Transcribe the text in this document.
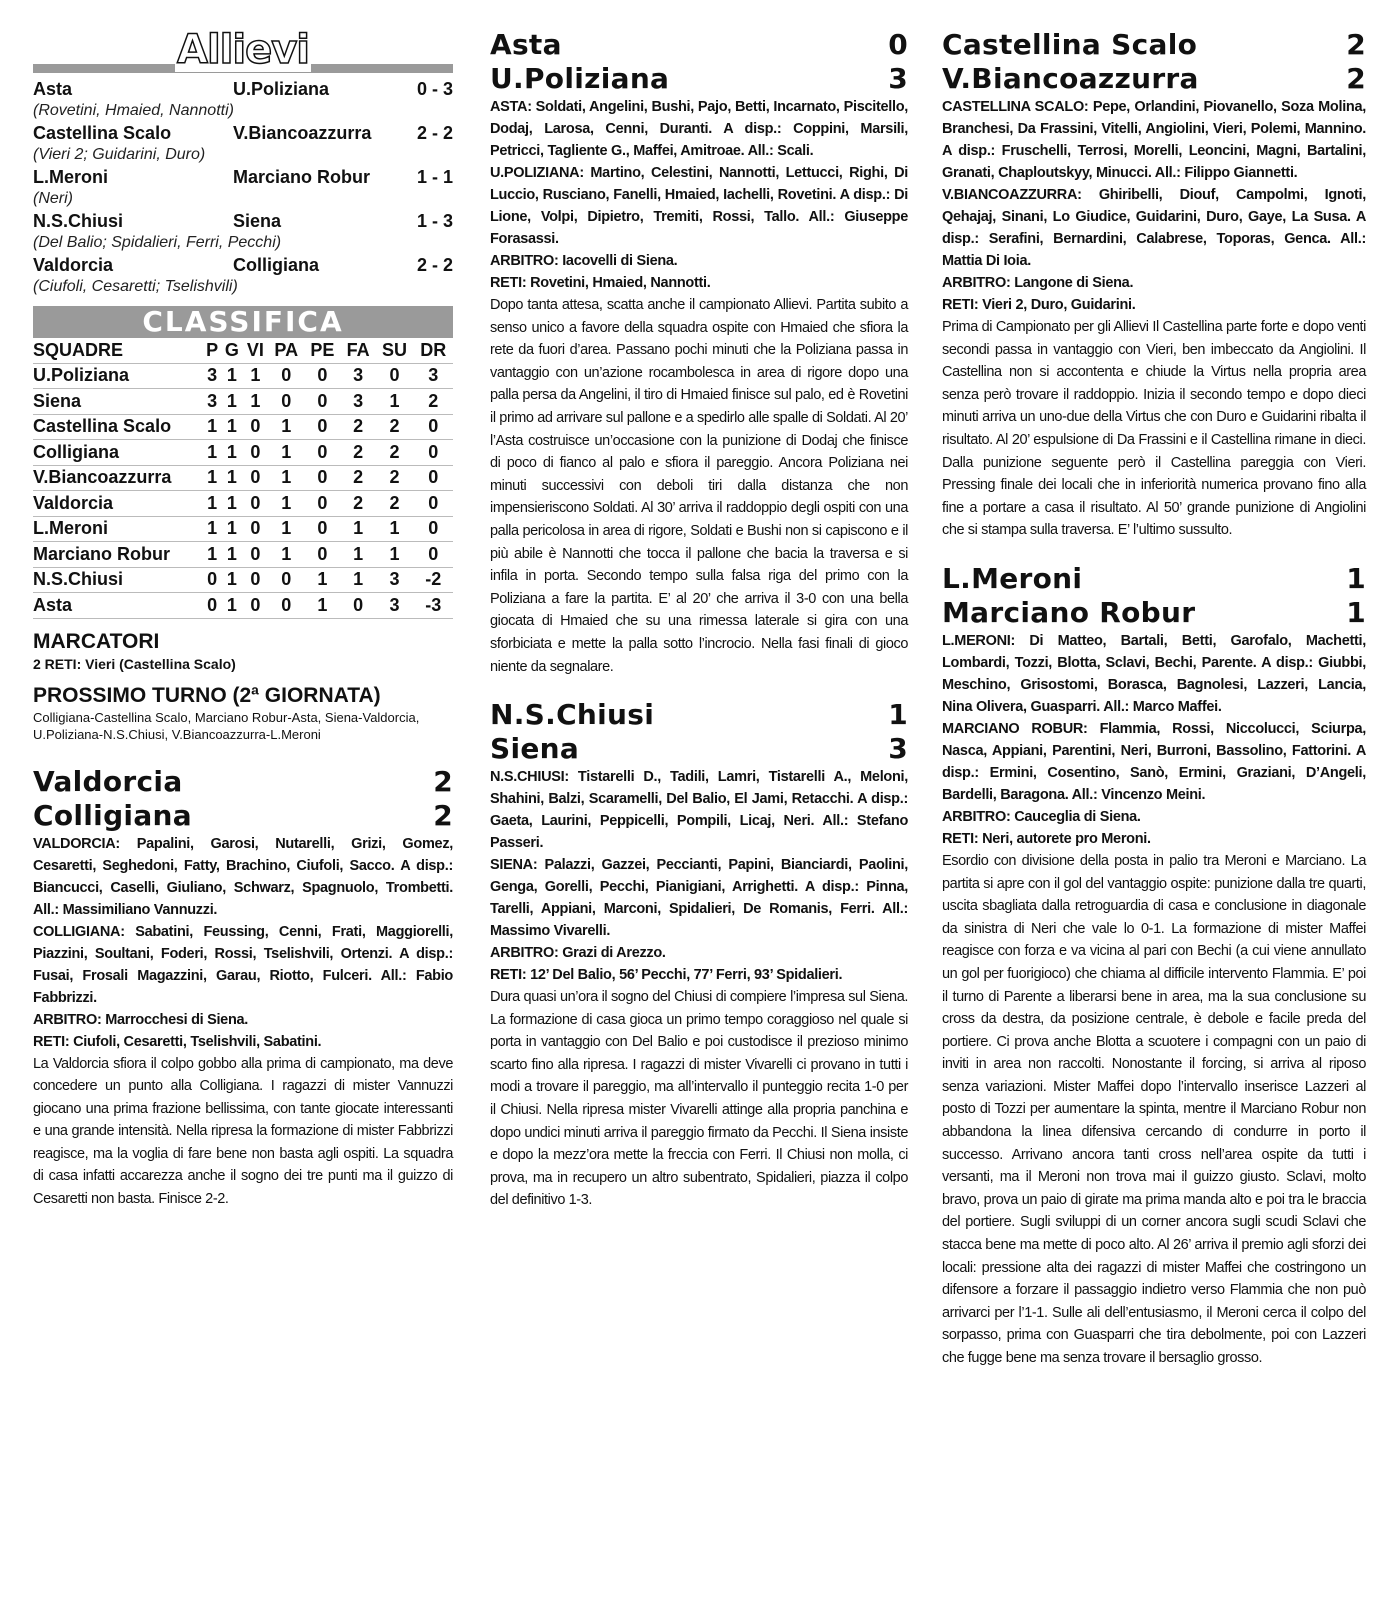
Allievi
Asta	U.Poliziana	0 - 3
(Rovetini, Hmaied, Nannotti)
Castellina Scalo	V.Biancoazzurra	2 - 2
(Vieri 2; Guidarini, Duro)
L.Meroni	Marciano Robur	1 - 1
(Neri)
N.S.Chiusi	Siena	1 - 3
(Del Balio; Spidalieri, Ferri, Pecchi)
Valdorcia	Colligiana	2 - 2
(Ciufoli, Cesaretti; Tselishvili)
CLASSIFICA
SQUADRE	P	G	VI	PA	PE	FA	SU	DR
U.Poliziana	3	1	1	0	0	3	0	3
Siena	3	1	1	0	0	3	1	2
Castellina Scalo	1	1	0	1	0	2	2	0
Colligiana	1	1	0	1	0	2	2	0
V.Biancoazzurra	1	1	0	1	0	2	2	0
Valdorcia	1	1	0	1	0	2	2	0
L.Meroni	1	1	0	1	0	1	1	0
Marciano Robur	1	1	0	1	0	1	1	0
N.S.Chiusi	0	1	0	0	1	1	3	-2
Asta	0	1	0	0	1	0	3	-3
MARCATORI
2 RETI: Vieri (Castellina Scalo)
PROSSIMO TURNO (2ª GIORNATA)
Colligiana-Castellina Scalo, Marciano Robur-Asta, Siena-Valdorcia, U.Poliziana-N.S.Chiusi, V.Biancoazzurra-L.Meroni
Valdorcia	2
Colligiana	2
VALDORCIA: Papalini, Garosi, Nutarelli, Grizi, Gomez, Cesaretti, Seghedoni, Fatty, Brachino, Ciufoli, Sacco. A disp.: Biancucci, Caselli, Giuliano, Schwarz, Spagnuolo, Trombetti. All.: Massimiliano Vannuzzi.
COLLIGIANA: Sabatini, Feussing, Cenni, Frati, Maggiorelli, Piazzini, Soultani, Foderi, Rossi, Tselishvili, Ortenzi. A disp.: Fusai, Frosali Magazzini, Garau, Riotto, Fulceri. All.: Fabio Fabbrizzi.
ARBITRO: Marrocchesi di Siena.
RETI: Ciufoli, Cesaretti, Tselishvili, Sabatini.
La Valdorcia sfiora il colpo gobbo alla prima di campionato, ma deve concedere un punto alla Colligiana. I ragazzi di mister Vannuzzi giocano una prima frazione bellissima, con tante giocate interessanti e una grande intensità. Nella ripresa la formazione di mister Fabbrizzi reagisce, ma la voglia di fare bene non basta agli ospiti. La squadra di casa infatti accarezza anche il sogno dei tre punti ma il guizzo di Cesaretti non basta. Finisce 2-2.
Asta	0
U.Poliziana	3
ASTA: Soldati, Angelini, Bushi, Pajo, Betti, Incarnato, Piscitello, Dodaj, Larosa, Cenni, Duranti. A disp.: Coppini, Marsili, Petricci, Tagliente G., Maffei, Amitroae. All.: Scali.
U.POLIZIANA: Martino, Celestini, Nannotti, Lettucci, Righi, Di Luccio, Rusciano, Fanelli, Hmaied, Iachelli, Rovetini. A disp.: Di Lione, Volpi, Dipietro, Tremiti, Rossi, Tallo. All.: Giuseppe Forasassi.
ARBITRO: Iacovelli di Siena.
RETI: Rovetini, Hmaied, Nannotti.
Dopo tanta attesa, scatta anche il campionato Allievi. Partita subito a senso unico a favore della squadra ospite con Hmaied che sfiora la rete da fuori d’area. Passano pochi minuti che la Poliziana passa in vantaggio con un’azione rocambolesca in area di rigore dopo una palla persa da Angelini, il tiro di Hmaied finisce sul palo, ed è Rovetini il primo ad arrivare sul pallone e a spedirlo alle spalle di Soldati. Al 20’ l’Asta costruisce un’occasione con la punizione di Dodaj che finisce di poco di fianco al palo e sfiora il pareggio. Ancora Poliziana nei minuti successivi con deboli tiri dalla distanza che non impensieriscono Soldati. Al 30’ arriva il raddoppio degli ospiti con una palla pericolosa in area di rigore, Soldati e Bushi non si capiscono e il più abile è Nannotti che tocca il pallone che bacia la traversa e si infila in porta. Secondo tempo sulla falsa riga del primo con la Poliziana a fare la partita. E’ al 20’ che arriva il 3-0 con una bella giocata di Hmaied che su una rimessa laterale si gira con una sforbiciata e mette la palla sotto l’incrocio. Nella fasi finali di gioco niente da segnalare.
N.S.Chiusi	1
Siena	3
N.S.CHIUSI: Tistarelli D., Tadili, Lamri, Tistarelli A., Meloni, Shahini, Balzi, Scaramelli, Del Balio, El Jami, Retacchi. A disp.: Gaeta, Laurini, Peppicelli, Pompili, Licaj, Neri. All.: Stefano Passeri.
SIENA: Palazzi, Gazzei, Peccianti, Papini, Bianciardi, Paolini, Genga, Gorelli, Pecchi, Pianigiani, Arrighetti. A disp.: Pinna, Tarelli, Appiani, Marconi, Spidalieri, De Romanis, Ferri. All.: Massimo Vivarelli.
ARBITRO: Grazi di Arezzo.
RETI: 12’ Del Balio, 56’ Pecchi, 77’ Ferri, 93’ Spidalieri.
Dura quasi un’ora il sogno del Chiusi di compiere l’impresa sul Siena. La formazione di casa gioca un primo tempo coraggioso nel quale si porta in vantaggio con Del Balio e poi custodisce il prezioso minimo scarto fino alla ripresa. I ragazzi di mister Vivarelli ci provano in tutti i modi a trovare il pareggio, ma all’intervallo il punteggio recita 1-0 per il Chiusi. Nella ripresa mister Vivarelli attinge alla propria panchina e dopo undici minuti arriva il pareggio firmato da Pecchi. Il Siena insiste e dopo la mezz’ora mette la freccia con Ferri. Il Chiusi non molla, ci prova, ma in recupero un altro subentrato, Spidalieri, piazza il colpo del definitivo 1-3.
Castellina Scalo	2
V.Biancoazzurra	2
CASTELLINA SCALO: Pepe, Orlandini, Piovanello, Soza Molina, Branchesi, Da Frassini, Vitelli, Angiolini, Vieri, Polemi, Mannino. A disp.: Fruschelli, Terrosi, Morelli, Leoncini, Magni, Bartalini, Granati, Chaploutskyy, Minucci. All.: Filippo Giannetti.
V.BIANCOAZZURRA: Ghiribelli, Diouf, Campolmi, Ignoti, Qehajaj, Sinani, Lo Giudice, Guidarini, Duro, Gaye, La Susa. A disp.: Serafini, Bernardini, Calabrese, Toporas, Genca. All.: Mattia Di Ioia.
ARBITRO: Langone di Siena.
RETI: Vieri 2, Duro, Guidarini.
Prima di Campionato per gli Allievi Il Castellina parte forte e dopo venti secondi passa in vantaggio con Vieri, ben imbeccato da Angiolini. Il Castellina non si accontenta e chiude la Virtus nella propria area senza però trovare il raddoppio. Inizia il secondo tempo e dopo dieci minuti arriva un uno-due della Virtus che con Duro e Guidarini ribalta il risultato. Al 20’ espulsione di Da Frassini e il Castellina rimane in dieci. Dalla punizione seguente però il Castellina pareggia con Vieri. Pressing finale dei locali che in inferiorità numerica provano fino alla fine a portare a casa il risultato. Al 50’ grande punizione di Angiolini che si stampa sulla traversa. E’ l’ultimo sussulto.
L.Meroni	1
Marciano Robur	1
L.MERONI: Di Matteo, Bartali, Betti, Garofalo, Machetti, Lombardi, Tozzi, Blotta, Sclavi, Bechi, Parente. A disp.: Giubbi, Meschino, Grisostomi, Borasca, Bagnolesi, Lazzeri, Lancia, Nina Olivera, Guasparri. All.: Marco Maffei.
MARCIANO ROBUR: Flammia, Rossi, Niccolucci, Sciurpa, Nasca, Appiani, Parentini, Neri, Burroni, Bassolino, Fattorini. A disp.: Ermini, Cosentino, Sanò, Ermini, Graziani, D’Angeli, Bardelli, Baragona. All.: Vincenzo Meini.
ARBITRO: Cauceglia di Siena.
RETI: Neri, autorete pro Meroni.
Esordio con divisione della posta in palio tra Meroni e Marciano. La partita si apre con il gol del vantaggio ospite: punizione dalla tre quarti, uscita sbagliata dalla retroguardia di casa e conclusione in diagonale da sinistra di Neri che vale lo 0-1. La formazione di mister Maffei reagisce con forza e va vicina al pari con Bechi (a cui viene annullato un gol per fuorigioco) che chiama al difficile intervento Flammia. E’ poi il turno di Parente a liberarsi bene in area, ma la sua conclusione su cross da destra, da posizione centrale, è debole e facile preda del portiere. Ci prova anche Blotta a scuotere i compagni con un paio di inviti in area non raccolti. Nonostante il forcing, si arriva al riposo senza variazioni. Mister Maffei dopo l’intervallo inserisce Lazzeri al posto di Tozzi per aumentare la spinta, mentre il Marciano Robur non abbandona la linea difensiva cercando di condurre in porto il successo. Arrivano ancora tanti cross nell’area ospite da tutti i versanti, ma il Meroni non trova mai il guizzo giusto. Sclavi, molto bravo, prova un paio di girate ma prima manda alto e poi tra le braccia del portiere. Sugli sviluppi di un corner ancora sugli scudi Sclavi che stacca bene ma mette di poco alto. Al 26’ arriva il premio agli sforzi dei locali: pressione alta dei ragazzi di mister Maffei che costringono un difensore a forzare il passaggio indietro verso Flammia che non può arrivarci per l’1-1. Sulle ali dell’entusiasmo, il Meroni cerca il colpo del sorpasso, prima con Guasparri che tira debolmente, poi con Lazzeri che fugge bene ma senza trovare il bersaglio grosso.
